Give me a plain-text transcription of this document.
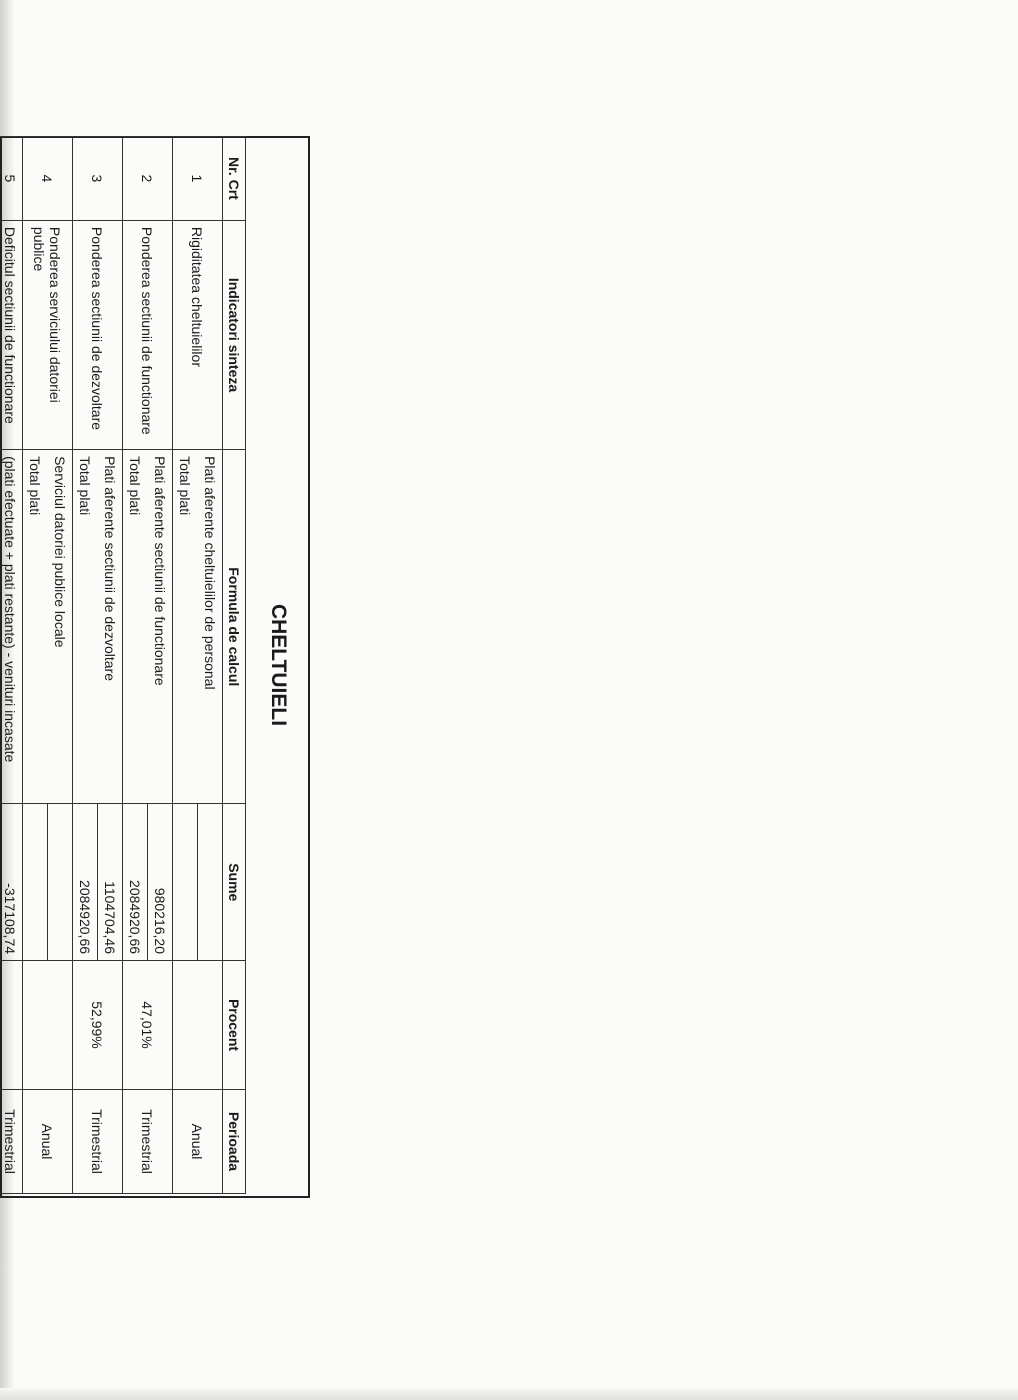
CHELTUIELI
Nr. Crt	Indicatori sinteza	Formula de calcul	Sume	Procent	Perioada
1	Rigiditatea cheltuielilor	Plati aferente cheltuielilor de personal			Anual
		Total plati			
2	Ponderea sectiunii de functionare	Plati aferente sectiunii de functionare	980216,20	47,01%	Trimestrial
		Total plati	2084920,66		
3	Ponderea sectiunii de dezvoltare	Plati aferente sectiunii de dezvoltare	1104704,46	52,99%	Trimestrial
		Total plati	2084920,66		
4	Ponderea serviciului datoriei publice	Serviciul datoriei publice locale			Anual
		Total plati			
5	Deficitul sectiunii de functionare	(plati efectuate + plati restante) - venituri incasate	-317108,74		Trimestrial
